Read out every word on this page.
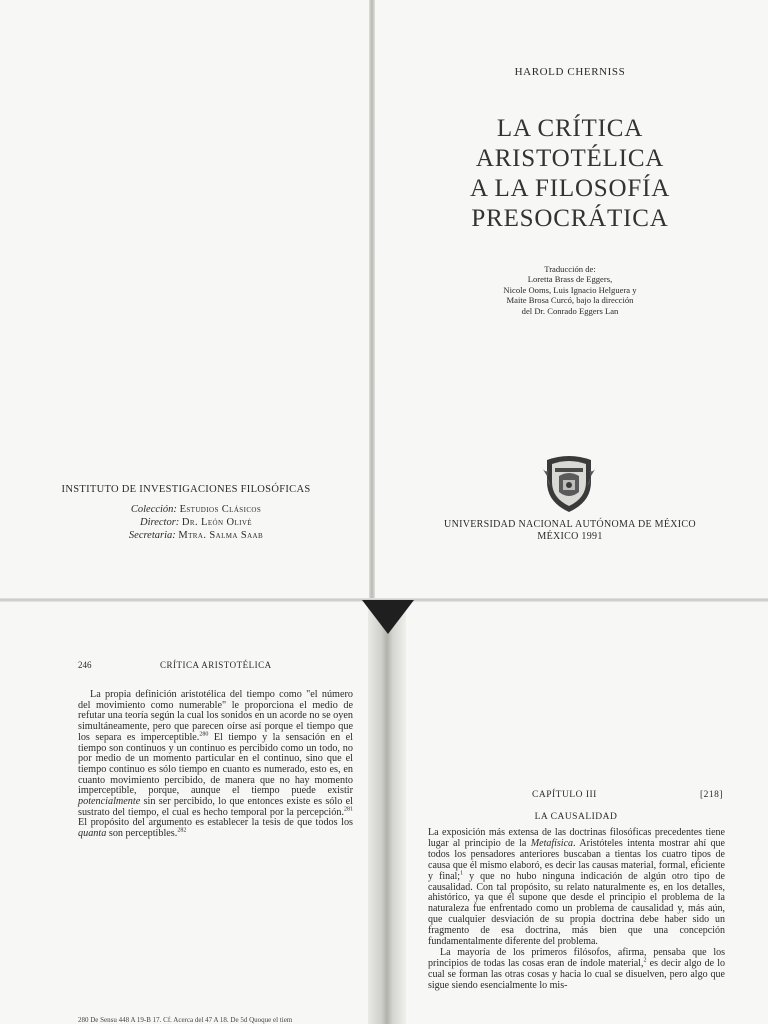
INSTITUTO DE INVESTIGACIONES FILOSÓFICAS
Colección: Estudios Clásicos
Director: Dr. León Olivé
Secretaria: Mtra. Salma Saab
HAROLD CHERNISS
LA CRÍTICA
ARISTOTÉLICA
A LA FILOSOFÍA
PRESOCRÁTICA
Traducción de:
Loretta Brass de Eggers,
Nicole Ooms, Luis Ignacio Helguera y
Maite Brosa Curcó, bajo la dirección
del Dr. Conrado Eggers Lan
UNIVERSIDAD NACIONAL AUTÓNOMA DE MÉXICO
MÉXICO 1991
246	CRÍTICA ARISTOTÉLICA

La propia definición aristotélica del tiempo como "el número del movimiento como numerable" le proporciona el medio de refutar una teoría según la cual los sonidos en un acorde no se oyen simultáneamente, pero que parecen oírse así porque el tiempo que los separa es imperceptible.$^{280}$ El tiempo y la sensación en el tiempo son continuos y un continuo es percibido como un todo, no por medio de un momento particular en el continuo, sino que el tiempo continuo es sólo tiempo en cuanto es numerado, esto es, en cuanto movimiento percibido, de manera que no hay momento imperceptible, porque, aunque el tiempo puede existir potencialmente sin ser percibido, lo que entonces existe es sólo el sustrato del tiempo, el cual es hecho temporal por la percepción.$^{281}$ El propósito del argumento es establecer la tesis de que todos los quanta son perceptibles.$^{282}$

280 De Sensu 448 A 19-B 17. Cf. Acerca del 47 A 18. De 5d Quoque el tiem
CAPÍTULO III	[218]
LA CAUSALIDAD

La exposición más extensa de las doctrinas filosóficas precedentes tiene lugar al principio de la Metafísica. Aristóteles intenta mostrar ahí que todos los pensadores anteriores buscaban a tientas los cuatro tipos de causa que él mismo elaboró, es decir las causas material, formal, eficiente y final;$^1$ y que no hubo ninguna indicación de algún otro tipo de causalidad. Con tal propósito, su relato naturalmente es, en los detalles, ahistórico, ya que él supone que desde el principio el problema de la naturaleza fue enfrentado como un problema de causalidad y, más aún, que cualquier desviación de su propia doctrina debe haber sido un fragmento de esa doctrina, más bien que una concepción fundamentalmente diferente del problema.

La mayoría de los primeros filósofos, afirma, pensaba que los principios de todas las cosas eran de índole material,$^2$ es decir algo de lo cual se forman las otras cosas y hacia lo cual se disuelven, pero algo que sigue siendo esencialmente lo mis-
